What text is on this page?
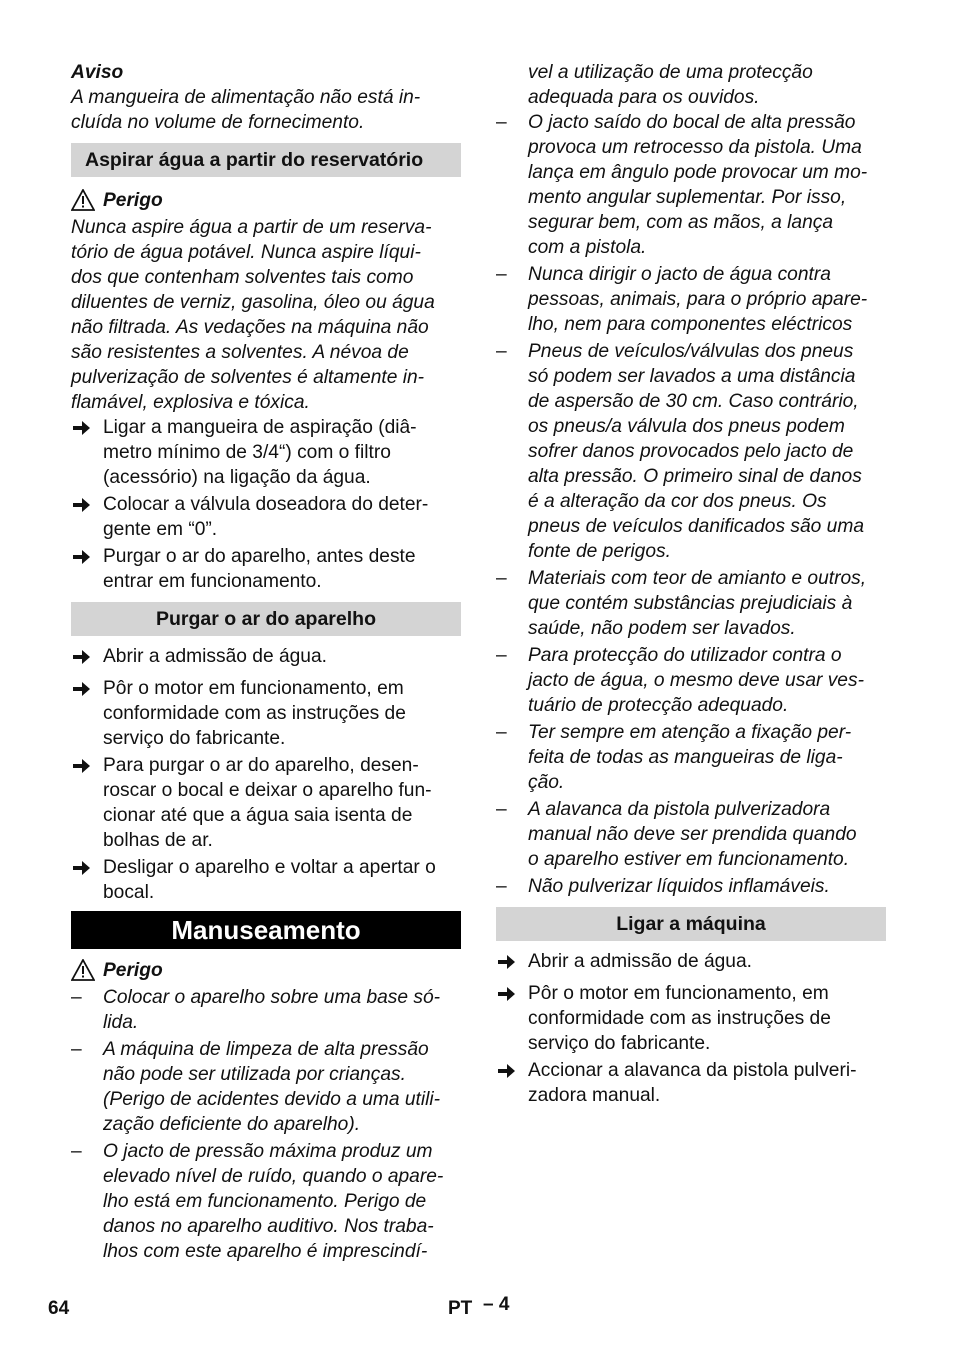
Aviso

A mangueira de alimentação não está in-
cluída no volume de fornecimento.
Aspirar água a partir do reservatório
Perigo
Nunca aspire água a partir de um reserva-
tório de água potável. Nunca aspire líqui-
dos que contenham solventes tais como
diluentes de verniz, gasolina, óleo ou água
não filtrada. As vedações na máquina não
são resistentes a solventes. A névoa de
pulverização de solventes é altamente in-
flamável, explosiva e tóxica.
Ligar a mangueira de aspiração (diâ-
metro mínimo de 3/4“) com o filtro
(acessório) na ligação da água.
Colocar a válvula doseadora do deter-
gente em “0”.
Purgar o ar do aparelho, antes deste
entrar em funcionamento.
Purgar o ar do aparelho
Abrir a admissão de água.
Pôr o motor em funcionamento, em
conformidade com as instruções de
serviço do fabricante.
Para purgar o ar do aparelho, desen-
roscar o bocal e deixar o aparelho fun-
cionar até que a água saia isenta de
bolhas de ar.
Desligar o aparelho e voltar a apertar o
bocal.
Manuseamento
Perigo
–	Colocar o aparelho sobre uma base só-
lida.
–	A máquina de limpeza de alta pressão
não pode ser utilizada por crianças.
(Perigo de acidentes devido a uma utili-
zação deficiente do aparelho).
–	O jacto de pressão máxima produz um
elevado nível de ruído, quando o apare-
lho está em funcionamento. Perigo de
danos no aparelho auditivo. Nos traba-
lhos com este aparelho é imprescindí-
vel a utilização de uma protecção
adequada para os ouvidos.
–	O jacto saído do bocal de alta pressão
provoca um retrocesso da pistola. Uma
lança em ângulo pode provocar um mo-
mento angular suplementar. Por isso,
segurar bem, com as mãos, a lança
com a pistola.
–	Nunca dirigir o jacto de água contra
pessoas, animais, para o próprio apare-
lho, nem para componentes eléctricos
–	Pneus de veículos/válvulas dos pneus
só podem ser lavados a uma distância
de aspersão de 30 cm. Caso contrário,
os pneus/a válvula dos pneus podem
sofrer danos provocados pelo jacto de
alta pressão. O primeiro sinal de danos
é a alteração da cor dos pneus. Os
pneus de veículos danificados são uma
fonte de perigos.
–	Materiais com teor de amianto e outros,
que contém substâncias prejudiciais à
saúde, não podem ser lavados.
–	Para protecção do utilizador contra o
jacto de água, o mesmo deve usar ves-
tuário de protecção adequado.
–	Ter sempre em atenção a fixação per-
feita de todas as mangueiras de liga-
ção.
–	A alavanca da pistola pulverizadora
manual não deve ser prendida quando
o aparelho estiver em funcionamento.
–	Não pulverizar líquidos inflamáveis.
Ligar a máquina
Abrir a admissão de água.
Pôr o motor em funcionamento, em
conformidade com as instruções de
serviço do fabricante.
Accionar a alavanca da pistola pulveri-
zadora manual.
64	PT – 4
